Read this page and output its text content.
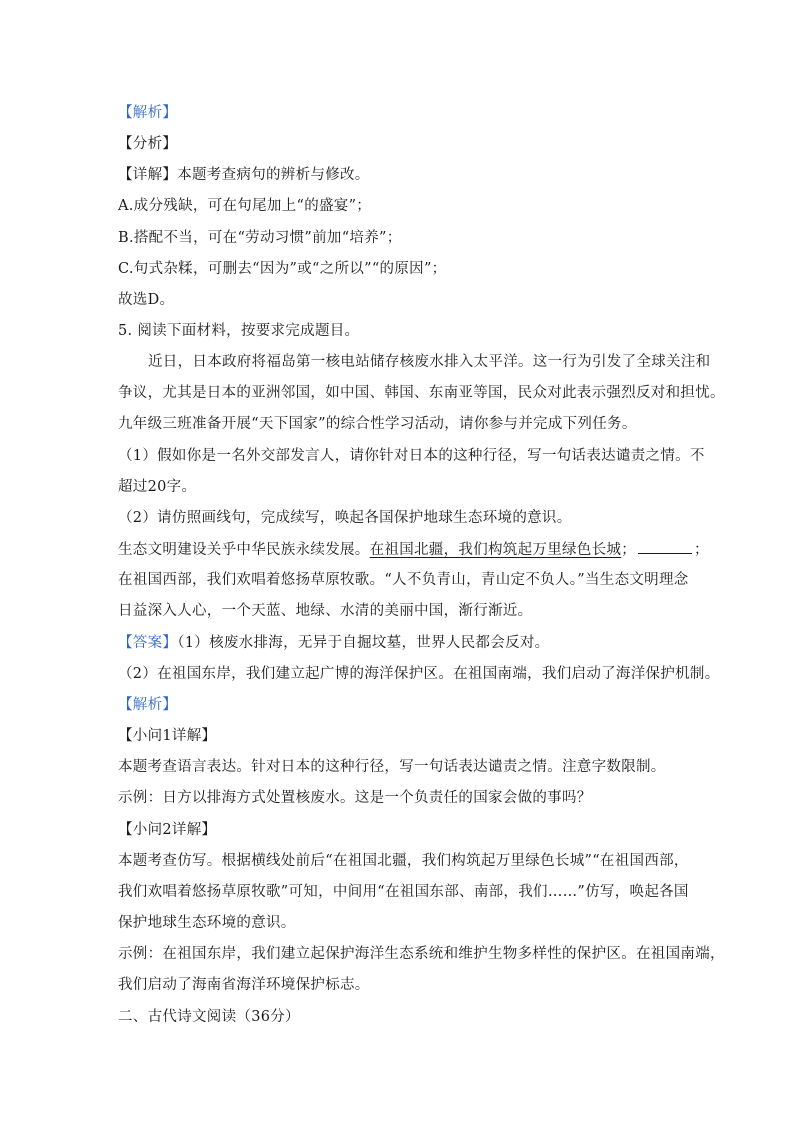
【解析】
【分析】
【详解】本题考查病句的辨析与修改。
A.成分残缺，可在句尾加上“的盛宴”；
B.搭配不当，可在“劳动习惯”前加“培养”；
C.句式杂糅，可删去“因为”或“之所以”“的原因”；
故选D。
5. 阅读下面材料，按要求完成题目。
近日，日本政府将福岛第一核电站储存核废水排入太平洋。这一行为引发了全球关注和
争议，尤其是日本的亚洲邻国，如中国、韩国、东南亚等国，民众对此表示强烈反对和担忧。
九年级三班准备开展“天下国家”的综合性学习活动，请你参与并完成下列任务。
（1）假如你是一名外交部发言人，请你针对日本的这种行径，写一句话表达谴责之情。不
超过20字。
（2）请仿照画线句，完成续写，唤起各国保护地球生态环境的意识。
生态文明建设关乎中华民族永续发展。在祖国北疆，我们构筑起万里绿色长城；	；
在祖国西部，我们欢唱着悠扬草原牧歌。“人不负青山，青山定不负人。”当生态文明理念
日益深入人心，一个天蓝、地绿、水清的美丽中国，渐行渐近。
【答案】（1）核废水排海，无异于自掘坟墓，世界人民都会反对。
（2）在祖国东岸，我们建立起广博的海洋保护区。在祖国南端，我们启动了海洋保护机制。
【解析】
【小问1详解】
本题考查语言表达。针对日本的这种行径，写一句话表达谴责之情。注意字数限制。
示例：日方以排海方式处置核废水。这是一个负责任的国家会做的事吗？
【小问2详解】
本题考查仿写。根据横线处前后“在祖国北疆，我们构筑起万里绿色长城”“在祖国西部，
我们欢唱着悠扬草原牧歌”可知，中间用“在祖国东部、南部，我们……”仿写，唤起各国
保护地球生态环境的意识。
示例：在祖国东岸，我们建立起保护海洋生态系统和维护生物多样性的保护区。在祖国南端，
我们启动了海南省海洋环境保护标志。
二、古代诗文阅读（36分）
